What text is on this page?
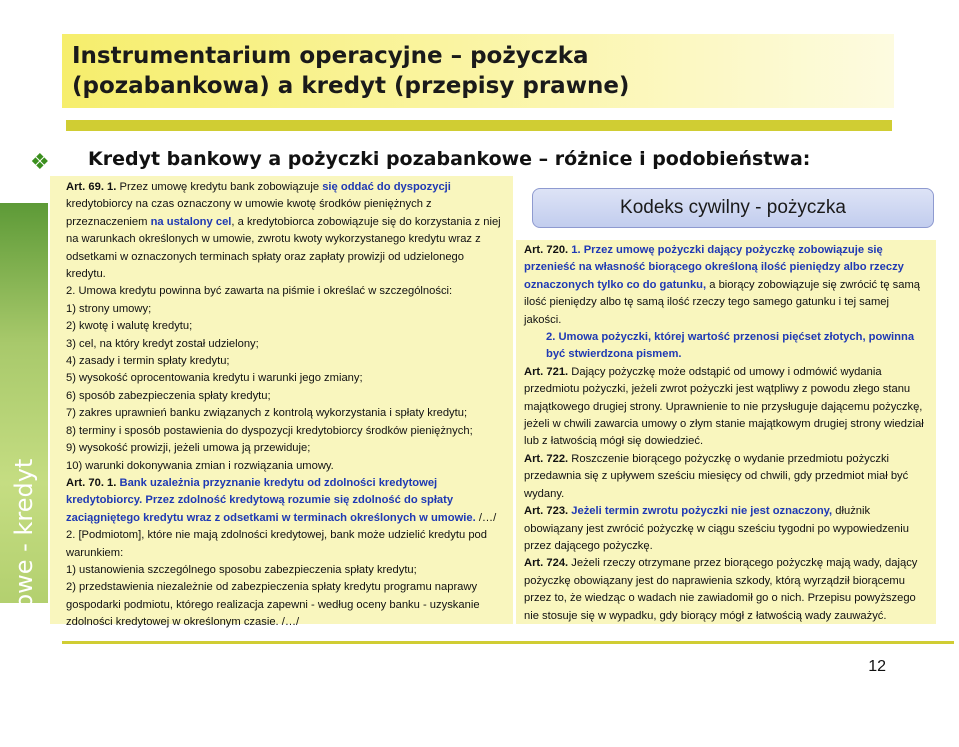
Prawo bankowe - kredyt
Instrumentarium operacyjne – pożyczka
(pozabankowa) a kredyt (przepisy prawne)
❖ Kredyt bankowy a pożyczki pozabankowe – różnice i podobieństwa:

Art. 69. 1. Przez umowę kredytu bank zobowiązuje się oddać do dyspozycji kredytobiorcy na czas oznaczony w umowie kwotę środków pieniężnych z przeznaczeniem na ustalony cel, a kredytobiorca zobowiązuje się do korzystania z niej na warunkach określonych w umowie, zwrotu kwoty wykorzystanego kredytu wraz z odsetkami w oznaczonych terminach spłaty oraz zapłaty prowizji od udzielonego kredytu.

2. Umowa kredytu powinna być zawarta na piśmie i określać w szczególności:

1) strony umowy;

2) kwotę i walutę kredytu;

3) cel, na który kredyt został udzielony;

4) zasady i termin spłaty kredytu;

5) wysokość oprocentowania kredytu i warunki jego zmiany;

6) sposób zabezpieczenia spłaty kredytu;

7) zakres uprawnień banku związanych z kontrolą wykorzystania i spłaty kredytu;

8) terminy i sposób postawienia do dyspozycji kredytobiorcy środków pieniężnych;

9) wysokość prowizji, jeżeli umowa ją przewiduje;

10) warunki dokonywania zmian i rozwiązania umowy.

Art. 70. 1. Bank uzależnia przyznanie kredytu od zdolności kredytowej kredytobiorcy. Przez zdolność kredytową rozumie się zdolność do spłaty zaciągniętego kredytu wraz z odsetkami w terminach określonych w umowie. /…/

2. [Podmiotom], które nie mają zdolności kredytowej, bank może udzielić kredytu pod warunkiem:

1) ustanowienia szczególnego sposobu zabezpieczenia spłaty kredytu;

2) przedstawienia niezależnie od zabezpieczenia spłaty kredytu programu naprawy gospodarki podmiotu, którego realizacja zapewni - według oceny banku - uzyskanie zdolności kredytowej w określonym czasie. /…/

Kodeks cywilny - pożyczka

Art. 720. 1. Przez umowę pożyczki dający pożyczkę zobowiązuje się przenieść na własność biorącego określoną ilość pieniędzy albo rzeczy oznaczonych tylko co do gatunku, a biorący zobowiązuje się zwrócić tę samą ilość pieniędzy albo tę samą ilość rzeczy tego samego gatunku i tej samej jakości.

2. Umowa pożyczki, której wartość przenosi pięćset złotych, powinna być stwierdzona pismem.

Art. 721. Dający pożyczkę może odstąpić od umowy i odmówić wydania przedmiotu pożyczki, jeżeli zwrot pożyczki jest wątpliwy z powodu złego stanu majątkowego drugiej strony. Uprawnienie to nie przysługuje dającemu pożyczkę, jeżeli w chwili zawarcia umowy o złym stanie majątkowym drugiej strony wiedział lub z łatwością mógł się dowiedzieć.

Art. 722. Roszczenie biorącego pożyczkę o wydanie przedmiotu pożyczki przedawnia się z upływem sześciu miesięcy od chwili, gdy przedmiot miał być wydany.

Art. 723. Jeżeli termin zwrotu pożyczki nie jest oznaczony, dłużnik obowiązany jest zwrócić pożyczkę w ciągu sześciu tygodni po wypowiedzeniu przez dającego pożyczkę.

Art. 724. Jeżeli rzeczy otrzymane przez biorącego pożyczkę mają wady, dający pożyczkę obowiązany jest do naprawienia szkody, którą wyrządził biorącemu przez to, że wiedząc o wadach nie zawiadomił go o nich. Przepisu powyższego nie stosuje się w wypadku, gdy biorący mógł z łatwością wady zauważyć.

12
